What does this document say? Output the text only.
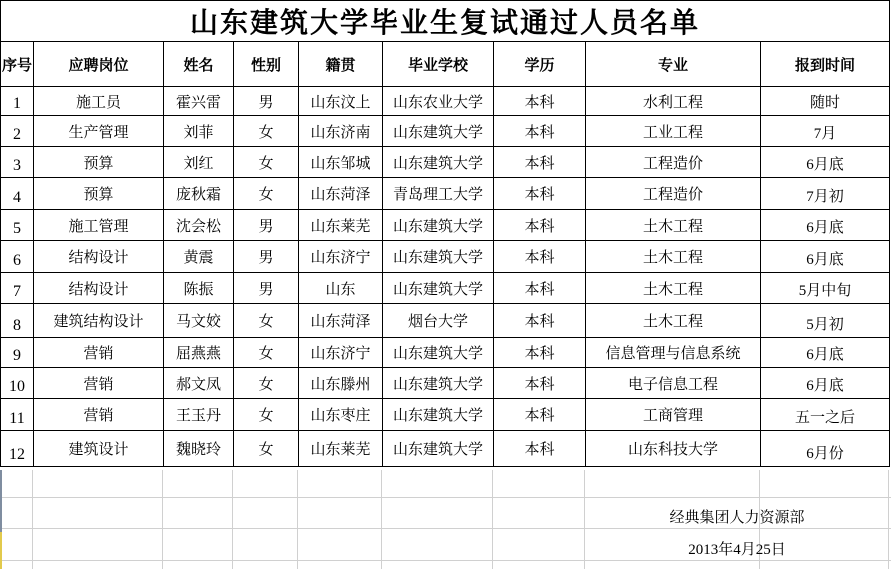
山东建筑大学毕业生复试通过人员名单								
序号	应聘岗位	姓名	性别	籍贯	毕业学校	学历	专业	报到时间
1	施工员	霍兴雷	男	山东汶上	山东农业大学	本科	水利工程	随时
2	生产管理	刘菲	女	山东济南	山东建筑大学	本科	工业工程	7月
3	预算	刘红	女	山东邹城	山东建筑大学	本科	工程造价	6月底
4	预算	庞秋霜	女	山东菏泽	青岛理工大学	本科	工程造价	7月初
5	施工管理	沈会松	男	山东莱芜	山东建筑大学	本科	土木工程	6月底
6	结构设计	黄震	男	山东济宁	山东建筑大学	本科	土木工程	6月底
7	结构设计	陈振	男	山东	山东建筑大学	本科	土木工程	5月中旬
8	建筑结构设计	马文姣	女	山东菏泽	烟台大学	本科	土木工程	5月初
9	营销	屈燕燕	女	山东济宁	山东建筑大学	本科	信息管理与信息系统	6月底
10	营销	郝文凤	女	山东滕州	山东建筑大学	本科	电子信息工程	6月底
11	营销	王玉丹	女	山东枣庄	山东建筑大学	本科	工商管理	五一之后
12	建筑设计	魏晓玲	女	山东莱芜	山东建筑大学	本科	山东科技大学	6月份
经典集团人力资源部
2013年4月25日
